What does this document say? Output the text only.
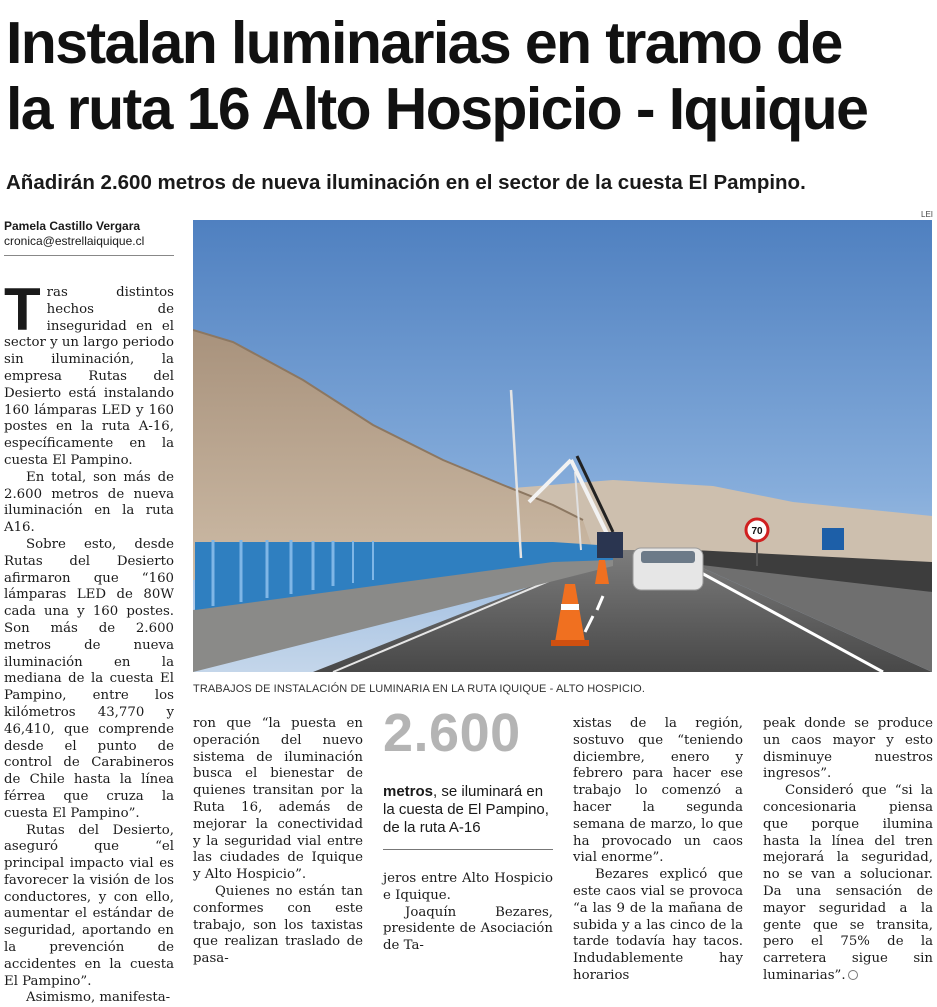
Instalan luminarias en tramo de
la ruta 16 Alto Hospicio - Iquique

Añadirán 2.600 metros de nueva iluminación en el sector de la cuesta El Pampino.

Pamela Castillo Vergara
cronica@estrellaiquique.cl
LEI
70
TRABAJOS DE INSTALACIÓN DE LUMINARIA EN LA RUTA IQUIQUE - ALTO HOSPICIO.

Tras distintos hechos de inseguridad en el sector y un largo periodo sin iluminación, la empresa Rutas del Desierto está instalando 160 lámparas LED y 160 postes en la ruta A-16, específicamente en la cuesta El Pampino.

En total, son más de 2.600 metros de nueva iluminación en la ruta A16.

Sobre esto, desde Rutas del Desierto afirmaron que “160 lámparas LED de 80W cada una y 160 postes. Son más de 2.600 metros de nueva iluminación en la mediana de la cuesta El Pampino, entre los kilómetros 43,770 y 46,410, que comprende desde el punto de control de Carabineros de Chile hasta la línea férrea que cruza la cuesta El Pampino”.

Rutas del Desierto, aseguró que “el principal impacto vial es favorecer la visión de los conductores, y con ello, aumentar el estándar de seguridad, aportando en la prevención de accidentes en la cuesta El Pampino”.

Asimismo, manifesta-

ron que “la puesta en operación del nuevo sistema de iluminación busca el bienestar de quienes transitan por la Ruta 16, además de mejorar la conectividad y la seguridad vial entre las ciudades de Iquique y Alto Hospicio”.

Quienes no están tan conformes con este trabajo, son los taxistas que realizan traslado de pasa-

2.600
metros, se iluminará en la cuesta de El Pampino, de la ruta A-16

jeros entre Alto Hospicio e Iquique.

Joaquín Bezares, presidente de Asociación de Ta-

xistas de la región, sostuvo que “teniendo diciembre, enero y febrero para hacer ese trabajo lo comenzó a hacer la segunda semana de marzo, lo que ha provocado un caos vial enorme”.

Bezares explicó que este caos vial se provoca “a las 9 de la mañana de subida y a las cinco de la tarde todavía hay tacos. Indudablemente hay horarios

peak donde se produce un caos mayor y esto disminuye nuestros ingresos”.

Consideró que “si la concesionaria piensa que porque ilumina hasta la línea del tren mejorará la seguridad, no se van a solucionar. Da una sensación de mayor seguridad a la gente que se transita, pero el 75% de la carretera sigue sin luminarias”.
